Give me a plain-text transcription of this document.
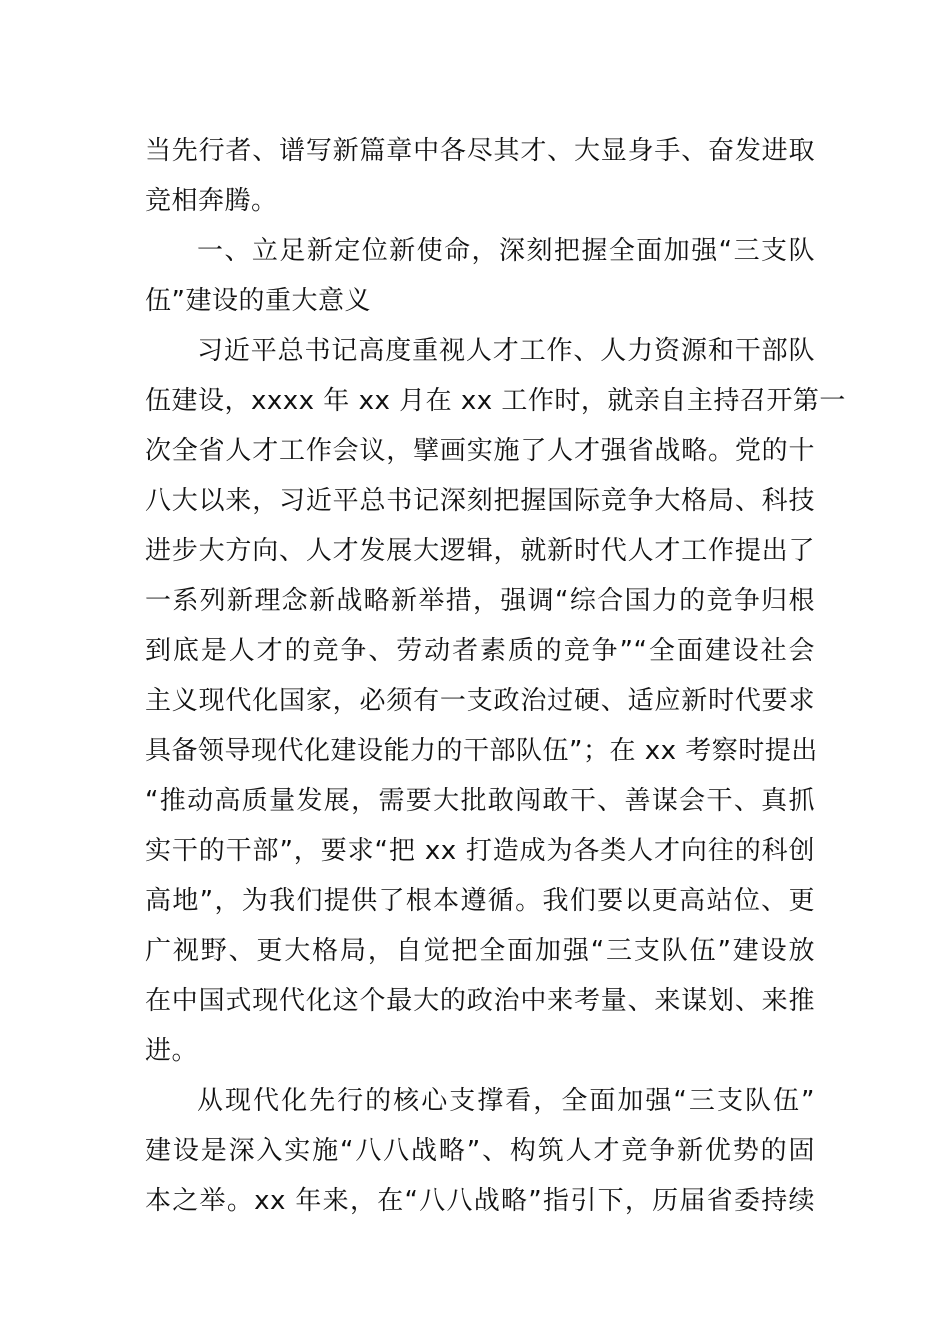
当先行者、谱写新篇章中各尽其才、大显身手、奋发进取
竞相奔腾。
一、立足新定位新使命，深刻把握全面加强“三支队
伍”建设的重大意义
习近平总书记高度重视人才工作、人力资源和干部队
伍建设，xxxx 年 xx 月在 xx 工作时，就亲自主持召开第一
次全省人才工作会议，擘画实施了人才强省战略。党的十
八大以来，习近平总书记深刻把握国际竞争大格局、科技
进步大方向、人才发展大逻辑，就新时代人才工作提出了
一系列新理念新战略新举措，强调“综合国力的竞争归根
到底是人才的竞争、劳动者素质的竞争”“全面建设社会
主义现代化国家，必须有一支政治过硬、适应新时代要求
具备领导现代化建设能力的干部队伍”；在 xx 考察时提出
“推动高质量发展，需要大批敢闯敢干、善谋会干、真抓
实干的干部”，要求“把 xx 打造成为各类人才向往的科创
高地”，为我们提供了根本遵循。我们要以更高站位、更
广视野、更大格局，自觉把全面加强“三支队伍”建设放
在中国式现代化这个最大的政治中来考量、来谋划、来推
进。
从现代化先行的核心支撑看，全面加强“三支队伍”
建设是深入实施“八八战略”、构筑人才竞争新优势的固
本之举。xx 年来，在“八八战略”指引下，历届省委持续
